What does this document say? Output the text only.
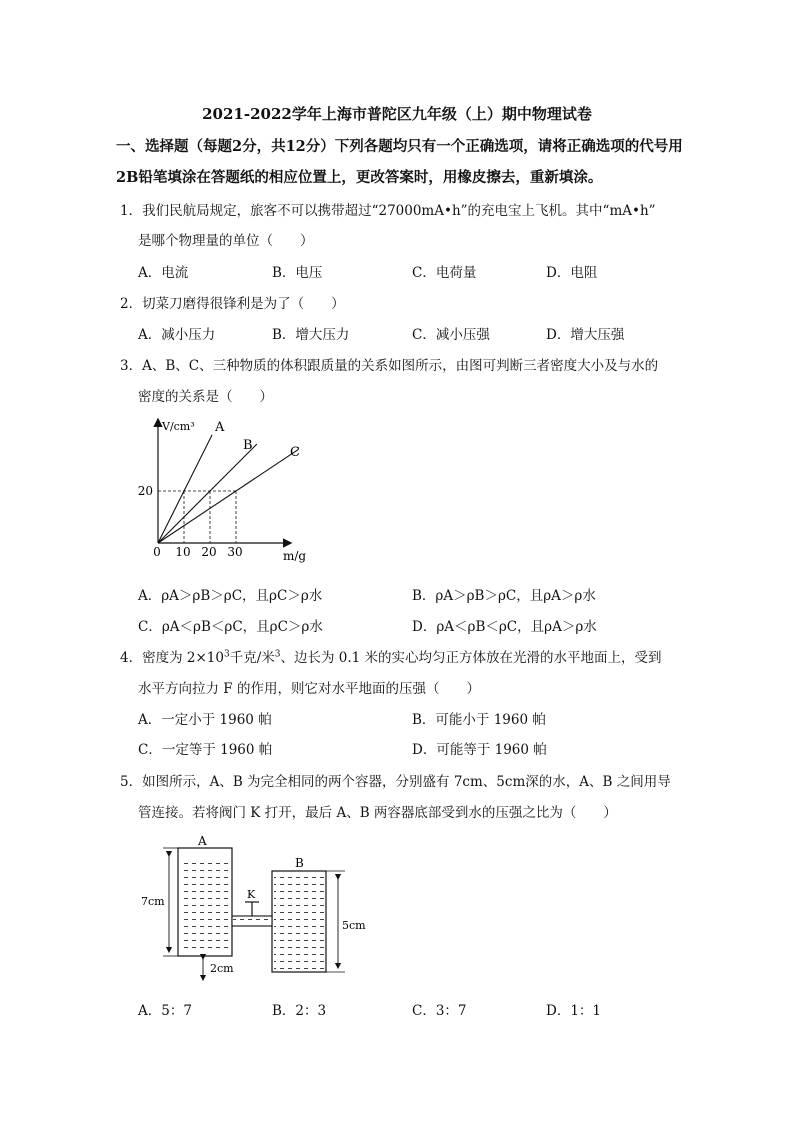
2021-2022学年上海市普陀区九年级（上）期中物理试卷
一、选择题（每题2分，共12分）下列各题均只有一个正确选项，请将正确选项的代号用
2B铅笔填涂在答题纸的相应位置上，更改答案时，用橡皮擦去，重新填涂。
1．我们民航局规定，旅客不可以携带超过“27000mA•h”的充电宝上飞机。其中“mA•h”
是哪个物理量的单位（　　）
A．电流	B．电压	C．电荷量	D．电阻
2．切菜刀磨得很锋利是为了（　　）
A．减小压力	B．增大压力	C．减小压强	D．增大压强
3．A、B、C、三种物质的体积跟质量的关系如图所示，由图可判断三者密度大小及与水的
密度的关系是（　　）
V/cm³
m/g
0 10 20 30
20
A
B	C
A．ρA＞ρB＞ρC，且ρC＞ρ水	B．ρA＞ρB＞ρC，且ρA＞ρ水
C．ρA＜ρB＜ρC，且ρC＞ρ水	D．ρA＜ρB＜ρC，且ρA＞ρ水
4．密度为 $2\times 10^3$千克/米$^3$、边长为 0.1 米的实心均匀正方体放在光滑的水平地面上，受到
水平方向拉力 F 的作用，则它对水平地面的压强（　　）
A．一定小于 1960 帕	B．可能小于 1960 帕
C．一定等于 1960 帕	D．可能等于 1960 帕
5．如图所示，A、B 为完全相同的两个容器，分别盛有 7cm、5cm深的水，A、B 之间用导
管连接。若将阀门 K 打开，最后 A、B 两容器底部受到水的压强之比为（　　）
A
B
K
7cm
5cm
2cm
A．5：7	B．2：3	C．3：7	D．1：1
